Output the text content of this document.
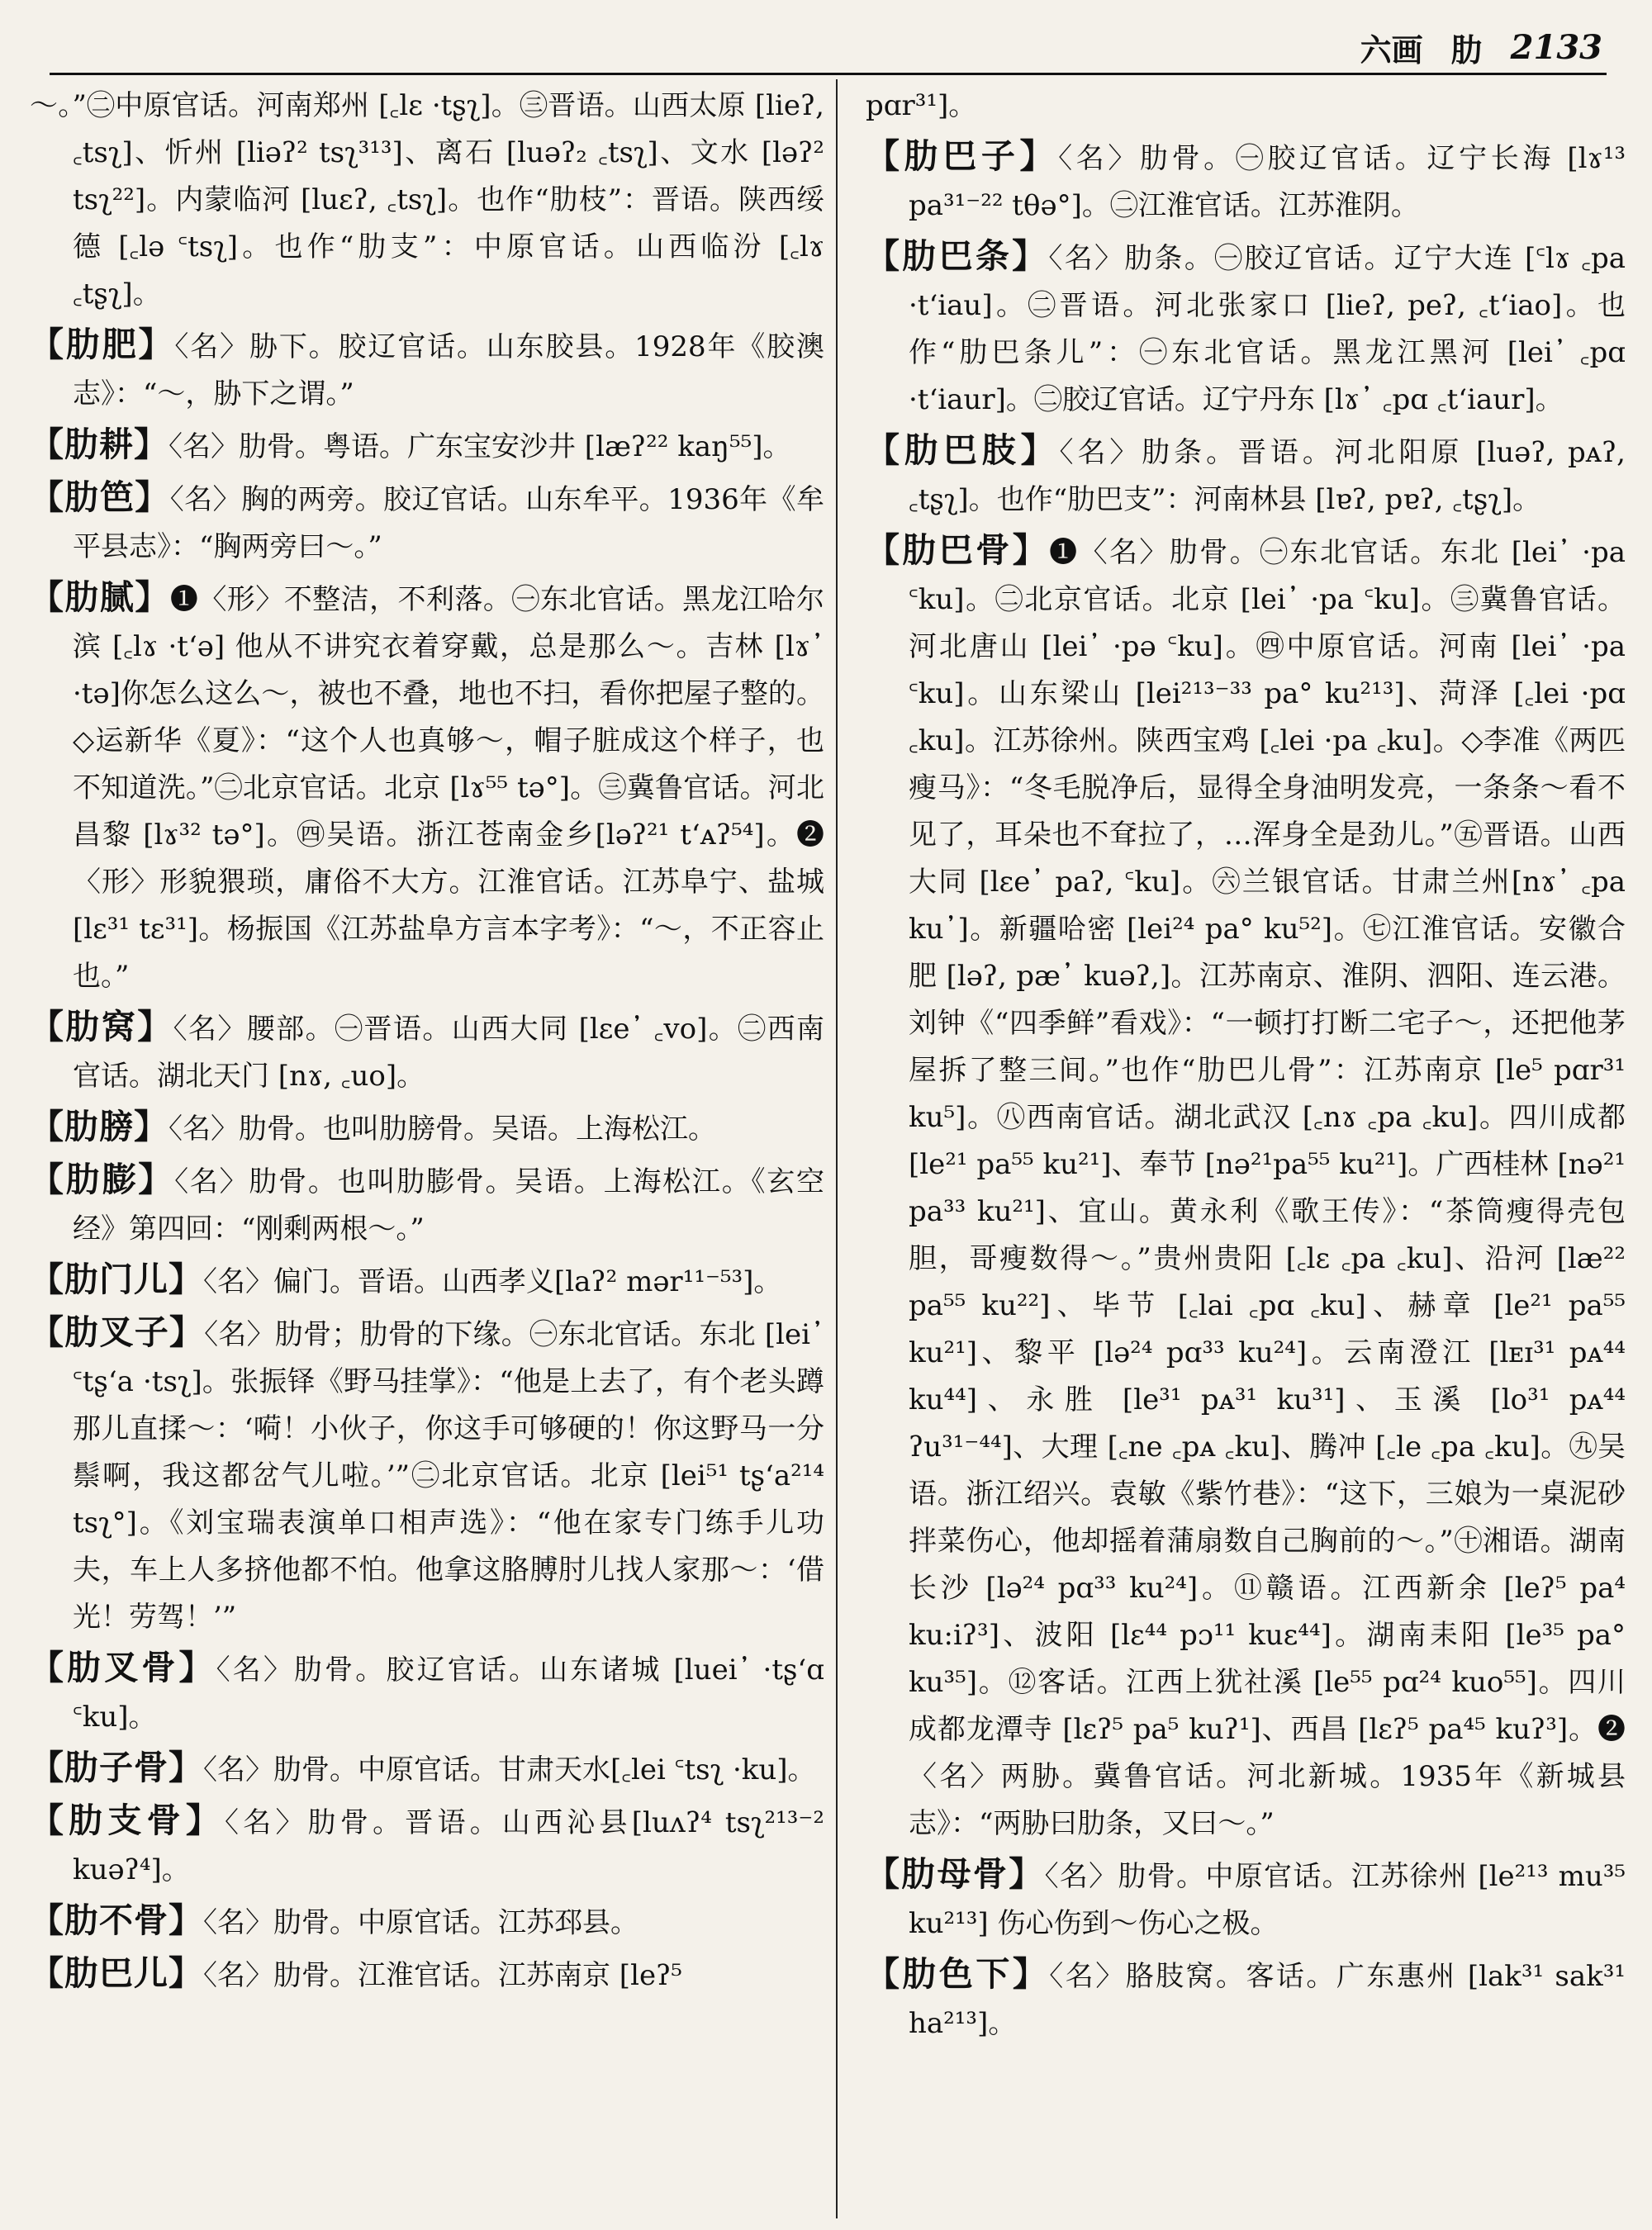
六画 肋 2133

～。”㊁中原官话。河南郑州 [꜀lɛ ·tʂʅ]。㊂晋语。山西太原 [lieʔ, ꜀tsʅ]、忻州 [liəʔ² tsʅ³¹³]、离石 [luəʔ₂ ꜀tsʅ]、文水 [ləʔ² tsʅ²²]。内蒙临河 [luɛʔ, ꜀tsʅ]。也作“肋枝”：晋语。陕西绥德 [꜀lə ꜂tsʅ]。也作“肋支”：中原官话。山西临汾 [꜀lɤ ꜀tʂʅ]。

【肋肥】〈名〉胁下。胶辽官话。山东胶县。1928年《胶澳志》：“～，胁下之谓。”

【肋耕】〈名〉肋骨。粤语。广东宝安沙井 [læʔ²² kaŋ⁵⁵]。

【肋笆】〈名〉胸的两旁。胶辽官话。山东牟平。1936年《牟平县志》：“胸两旁曰～。”

【肋腻】❶〈形〉不整洁，不利落。㊀东北官话。黑龙江哈尔滨 [꜀lɤ ·tʻə] 他从不讲究衣着穿戴，总是那么～。吉林 [lɤ᾿ ·tə]你怎么这么～，被也不叠，地也不扫，看你把屋子整的。◇运新华《夏》：“这个人也真够～，帽子脏成这个样子，也不知道洗。”㊁北京官话。北京 [lɤ⁵⁵ tə°]。㊂冀鲁官话。河北昌黎 [lɤ³² tə°]。㊃吴语。浙江苍南金乡[ləʔ²¹ tʻᴀʔ⁵⁴]。❷〈形〉形貌猥琐，庸俗不大方。江淮官话。江苏阜宁、盐城 [lɛ³¹ tɛ³¹]。杨振国《江苏盐阜方言本字考》：“～，不正容止也。”

【肋窝】〈名〉腰部。㊀晋语。山西大同 [lɛe᾿ ꜀vo]。㊁西南官话。湖北天门 [nɤ, ꜀uo]。

【肋膀】〈名〉肋骨。也叫肋膀骨。吴语。上海松江。

【肋膨】〈名〉肋骨。也叫肋膨骨。吴语。上海松江。《玄空经》第四回：“刚剩两根～。”

【肋门儿】〈名〉偏门。晋语。山西孝义[laʔ² mər¹¹⁻⁵³]。

【肋叉子】〈名〉肋骨；肋骨的下缘。㊀东北官话。东北 [lei᾿ ꜂tʂʻa ·tsʅ]。张振铎《野马挂掌》：“他是上去了，有个老头蹲那儿直揉～：‘嗬！小伙子，你这手可够硬的！你这野马一分鬃啊，我这都岔气儿啦。’”㊁北京官话。北京 [lei⁵¹ tʂʻa²¹⁴ tsʅ°]。《刘宝瑞表演单口相声选》：“他在家专门练手儿功夫，车上人多挤他都不怕。他拿这胳膊肘儿找人家那～：‘借光！劳驾！’”

【肋叉骨】〈名〉肋骨。胶辽官话。山东诸城 [luei᾿ ·tʂʻɑ ꜂ku]。

【肋子骨】〈名〉肋骨。中原官话。甘肃天水[꜀lei ꜂tsʅ ·ku]。

【肋支骨】〈名〉肋骨。晋语。山西沁县[luʌʔ⁴ tsʅ²¹³⁻² kuəʔ⁴]。

【肋不骨】〈名〉肋骨。中原官话。江苏邳县。

【肋巴儿】〈名〉肋骨。江淮官话。江苏南京 [leʔ⁵

pɑr³¹]。

【肋巴子】〈名〉肋骨。㊀胶辽官话。辽宁长海 [lɤ¹³ pa³¹⁻²² tθə°]。㊁江淮官话。江苏淮阴。

【肋巴条】〈名〉肋条。㊀胶辽官话。辽宁大连 [꜂lɤ ꜀pa ·tʻiau]。㊁晋语。河北张家口 [lieʔ, peʔ, ꜀tʻiao]。也作“肋巴条儿”：㊀东北官话。黑龙江黑河 [lei᾿ ꜀pɑ ·tʻiaur]。㊁胶辽官话。辽宁丹东 [lɤ᾿ ꜀pɑ ꜀tʻiaur]。

【肋巴肢】〈名〉肋条。晋语。河北阳原 [luəʔ, pᴀʔ, ꜀tʂʅ]。也作“肋巴支”：河南林县 [lɐʔ, pɐʔ, ꜀tʂʅ]。

【肋巴骨】❶〈名〉肋骨。㊀东北官话。东北 [lei᾿ ·pa ꜂ku]。㊁北京官话。北京 [lei᾿ ·pa ꜂ku]。㊂冀鲁官话。河北唐山 [lei᾿ ·pə ꜂ku]。㊃中原官话。河南 [lei᾿ ·pa ꜂ku]。山东梁山 [lei²¹³⁻³³ pa° ku²¹³]、菏泽 [꜀lei ·pɑ ꜀ku]。江苏徐州。陕西宝鸡 [꜀lei ·pa ꜀ku]。◇李准《两匹瘦马》：“冬毛脱净后，显得全身油明发亮，一条条～看不见了，耳朵也不耷拉了，…浑身全是劲儿。”㊄晋语。山西大同 [lɛe᾿ paʔ, ꜂ku]。㊅兰银官话。甘肃兰州[nɤ᾿ ꜀pa ku᾿]。新疆哈密 [lei²⁴ pa° ku⁵²]。㊆江淮官话。安徽合肥 [ləʔ, pæ᾿ kuəʔ,]。江苏南京、淮阴、泗阳、连云港。刘钟《“四季鲜”看戏》：“一顿打打断二宅子～，还把他茅屋拆了整三间。”也作“肋巴儿骨”：江苏南京 [le⁵ pɑr³¹ ku⁵]。㊇西南官话。湖北武汉 [꜀nɤ ꜀pa ꜀ku]。四川成都 [le²¹ pa⁵⁵ ku²¹]、奉节 [nə²¹pa⁵⁵ ku²¹]。广西桂林 [nə²¹ pa³³ ku²¹]、宜山。黄永利《歌王传》：“茶筒瘦得壳包胆，哥瘦数得～。”贵州贵阳 [꜀lɛ ꜀pa ꜀ku]、沿河 [læ²² pa⁵⁵ ku²²]、毕节 [꜀lai ꜀pɑ ꜀ku]、赫章 [le²¹ pa⁵⁵ ku²¹]、黎平 [lə²⁴ pɑ³³ ku²⁴]。云南澄江 [lᴇɪ³¹ pᴀ⁴⁴ ku⁴⁴]、永胜 [le³¹ pᴀ³¹ ku³¹]、玉溪 [lo³¹ pᴀ⁴⁴ ʔu³¹⁻⁴⁴]、大理 [꜀ne ꜀pᴀ ꜀ku]、腾冲 [꜀le ꜀pa ꜀ku]。㊈吴语。浙江绍兴。袁敏《紫竹巷》：“这下，三娘为一桌泥砂拌菜伤心，他却摇着蒲扇数自己胸前的～。”㊉湘语。湖南长沙 [lə²⁴ pɑ³³ ku²⁴]。⑪赣语。江西新余 [leʔ⁵ pa⁴ ku:iʔ³]、波阳 [lɛ⁴⁴ pɔ¹¹ kuɛ⁴⁴]。湖南耒阳 [le³⁵ pa° ku³⁵]。⑫客话。江西上犹社溪 [le⁵⁵ pɑ²⁴ kuo⁵⁵]。四川成都龙潭寺 [lɛʔ⁵ pa⁵ kuʔ¹]、西昌 [lɛʔ⁵ pa⁴⁵ kuʔ³]。❷〈名〉两胁。冀鲁官话。河北新城。1935年《新城县志》：“两胁曰肋条，又曰～。”

【肋母骨】〈名〉肋骨。中原官话。江苏徐州 [le²¹³ mu³⁵ ku²¹³] 伤心伤到～伤心之极。

【肋色下】〈名〉胳肢窝。客话。广东惠州 [lak³¹ sak³¹ ha²¹³]。
